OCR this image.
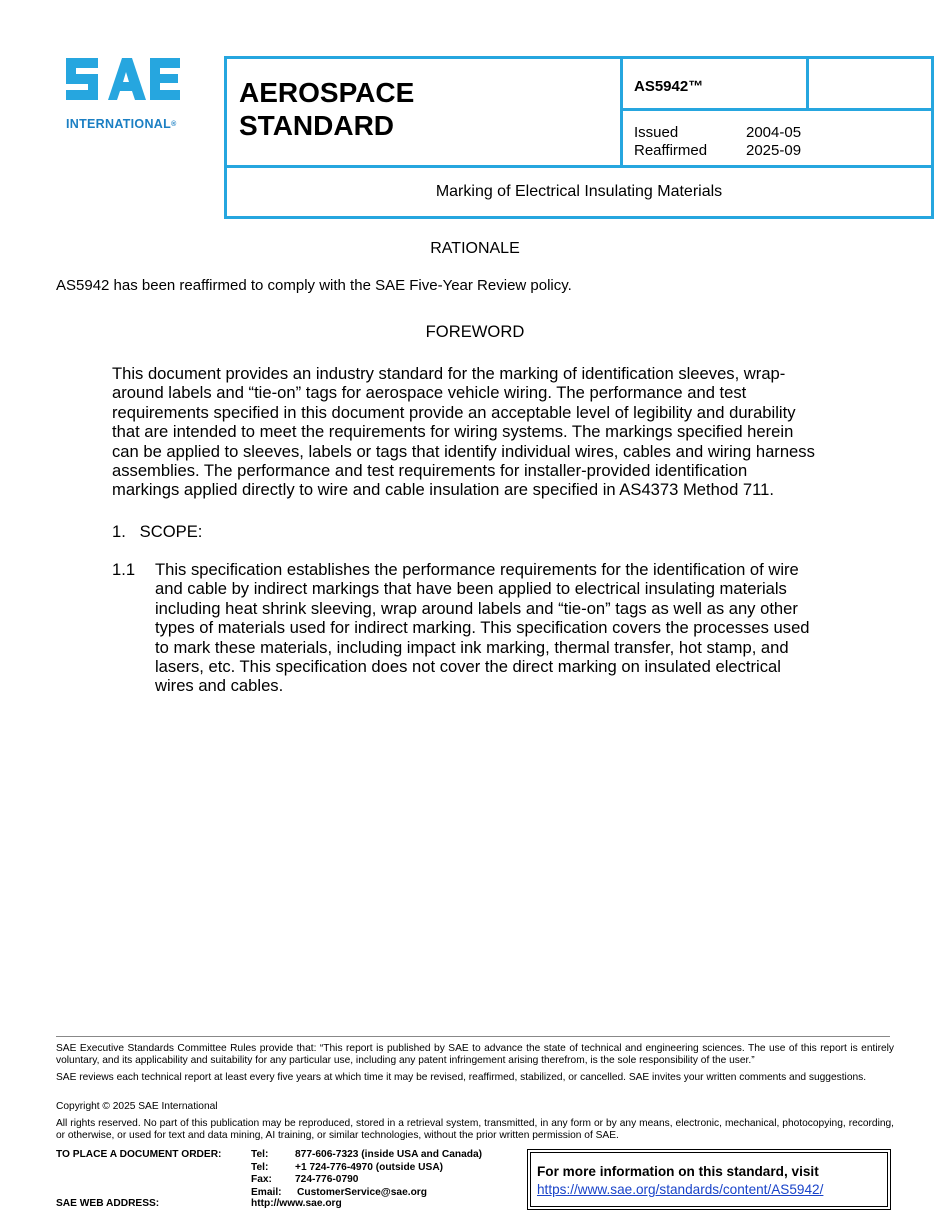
INTERNATIONAL®
AEROSPACE
STANDARD
AS5942™
Issued	2004-05
Reaffirmed	2025-09
Marking of Electrical Insulating Materials
RATIONALE
AS5942 has been reaffirmed to comply with the SAE Five-Year Review policy.
FOREWORD
This document provides an industry standard for the marking of identification sleeves, wrap-
around labels and “tie-on” tags for aerospace vehicle wiring. The performance and test
requirements specified in this document provide an acceptable level of legibility and durability
that are intended to meet the requirements for wiring systems. The markings specified herein
can be applied to sleeves, labels or tags that identify individual wires, cables and wiring harness
assemblies. The performance and test requirements for installer-provided identification
markings applied directly to wire and cable insulation are specified in AS4373 Method 711.
1.   SCOPE:
1.1 This specification establishes the performance requirements for the identification of wire
and cable by indirect markings that have been applied to electrical insulating materials
including heat shrink sleeving, wrap around labels and “tie-on” tags as well as any other
types of materials used for indirect marking. This specification covers the processes used
to mark these materials, including impact ink marking, thermal transfer, hot stamp, and
lasers, etc. This specification does not cover the direct marking on insulated electrical
wires and cables.
SAE Executive Standards Committee Rules provide that: “This report is published by SAE to advance the state of technical and engineering sciences. The use of this report is entirely voluntary, and its applicability and suitability for any particular use, including any patent infringement arising therefrom, is the sole responsibility of the user.”
SAE reviews each technical report at least every five years at which time it may be revised, reaffirmed, stabilized, or cancelled. SAE invites your written comments and suggestions.
Copyright © 2025 SAE International
All rights reserved. No part of this publication may be reproduced, stored in a retrieval system, transmitted, in any form or by any means, electronic, mechanical, photocopying, recording, or otherwise, or used for text and data mining, AI training, or similar technologies, without the prior written permission of SAE.
TO PLACE A DOCUMENT ORDER:
SAE WEB ADDRESS:
Tel:	877-606-7323 (inside USA and Canada)
Tel:	+1 724-776-4970 (outside USA)
Fax: 724-776-0790
Email: CustomerService@sae.org
http://www.sae.org
For more information on this standard, visit
https://www.sae.org/standards/content/AS5942/
